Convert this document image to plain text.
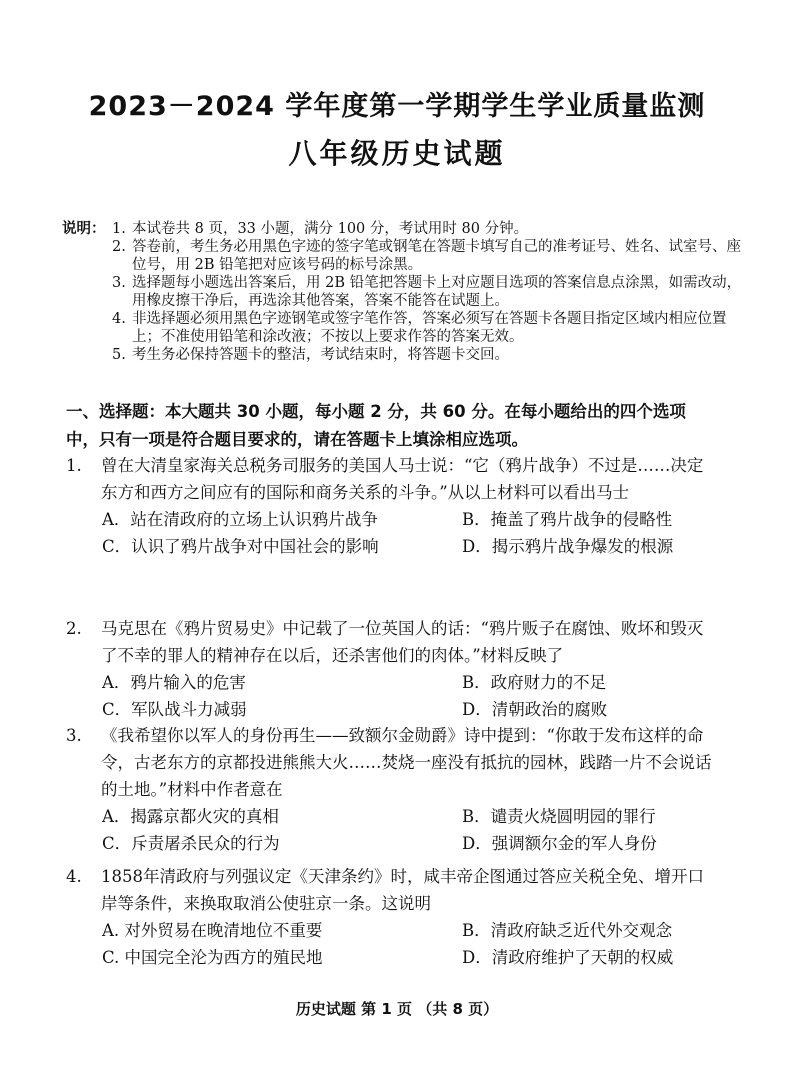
2023－2024 学年度第一学期学生学业质量监测
八年级历史试题
说明： 1. 本试卷共 8 页，33 小题，满分 100 分，考试用时 80 分钟。
2. 答卷前，考生务必用黑色字迹的签字笔或钢笔在答题卡填写自己的准考证号、姓名、试室号、座位号，用 2B 铅笔把对应该号码的标号涂黑。
3. 选择题每小题选出答案后，用 2B 铅笔把答题卡上对应题目选项的答案信息点涂黑，如需改动，用橡皮擦干净后，再选涂其他答案，答案不能答在试题上。
4. 非选择题必须用黑色字迹钢笔或签字笔作答，答案必须写在答题卡各题目指定区域内相应位置上；不准使用铅笔和涂改液；不按以上要求作答的答案无效。
5. 考生务必保持答题卡的整洁，考试结束时，将答题卡交回。
一、选择题：本大题共 30 小题，每小题 2 分，共 60 分。在每小题给出的四个选项中，只有一项是符合题目要求的，请在答题卡上填涂相应选项。
1.	曾在大清皇家海关总税务司服务的美国人马士说：“它（鸦片战争）不过是……决定东方和西方之间应有的国际和商务关系的斗争。”从以上材料可以看出马士
A．站在清政府的立场上认识鸦片战争	B．掩盖了鸦片战争的侵略性
C．认识了鸦片战争对中国社会的影响	D．揭示鸦片战争爆发的根源
2.	马克思在《鸦片贸易史》中记载了一位英国人的话：“鸦片贩子在腐蚀、败坏和毁灭了不幸的罪人的精神存在以后，还杀害他们的肉体。”材料反映了
A．鸦片输入的危害	B．政府财力的不足
C．军队战斗力减弱	D．清朝政治的腐败
3.	《我希望你以军人的身份再生——致额尔金勋爵》诗中提到：“你敢于发布这样的命令，古老东方的京都投进熊熊大火……焚烧一座没有抵抗的园林，践踏一片不会说话的土地。”材料中作者意在
A．揭露京都火灾的真相	B．谴责火烧圆明园的罪行
C．斥责屠杀民众的行为	D．强调额尔金的军人身份
4.	1858年清政府与列强议定《天津条约》时，咸丰帝企图通过答应关税全免、增开口岸等条件，来换取取消公使驻京一条。这说明
A. 对外贸易在晚清地位不重要	B．清政府缺乏近代外交观念
C. 中国完全沦为西方的殖民地	D．清政府维护了天朝的权威
历史试题 第 1 页 （共 8 页）
